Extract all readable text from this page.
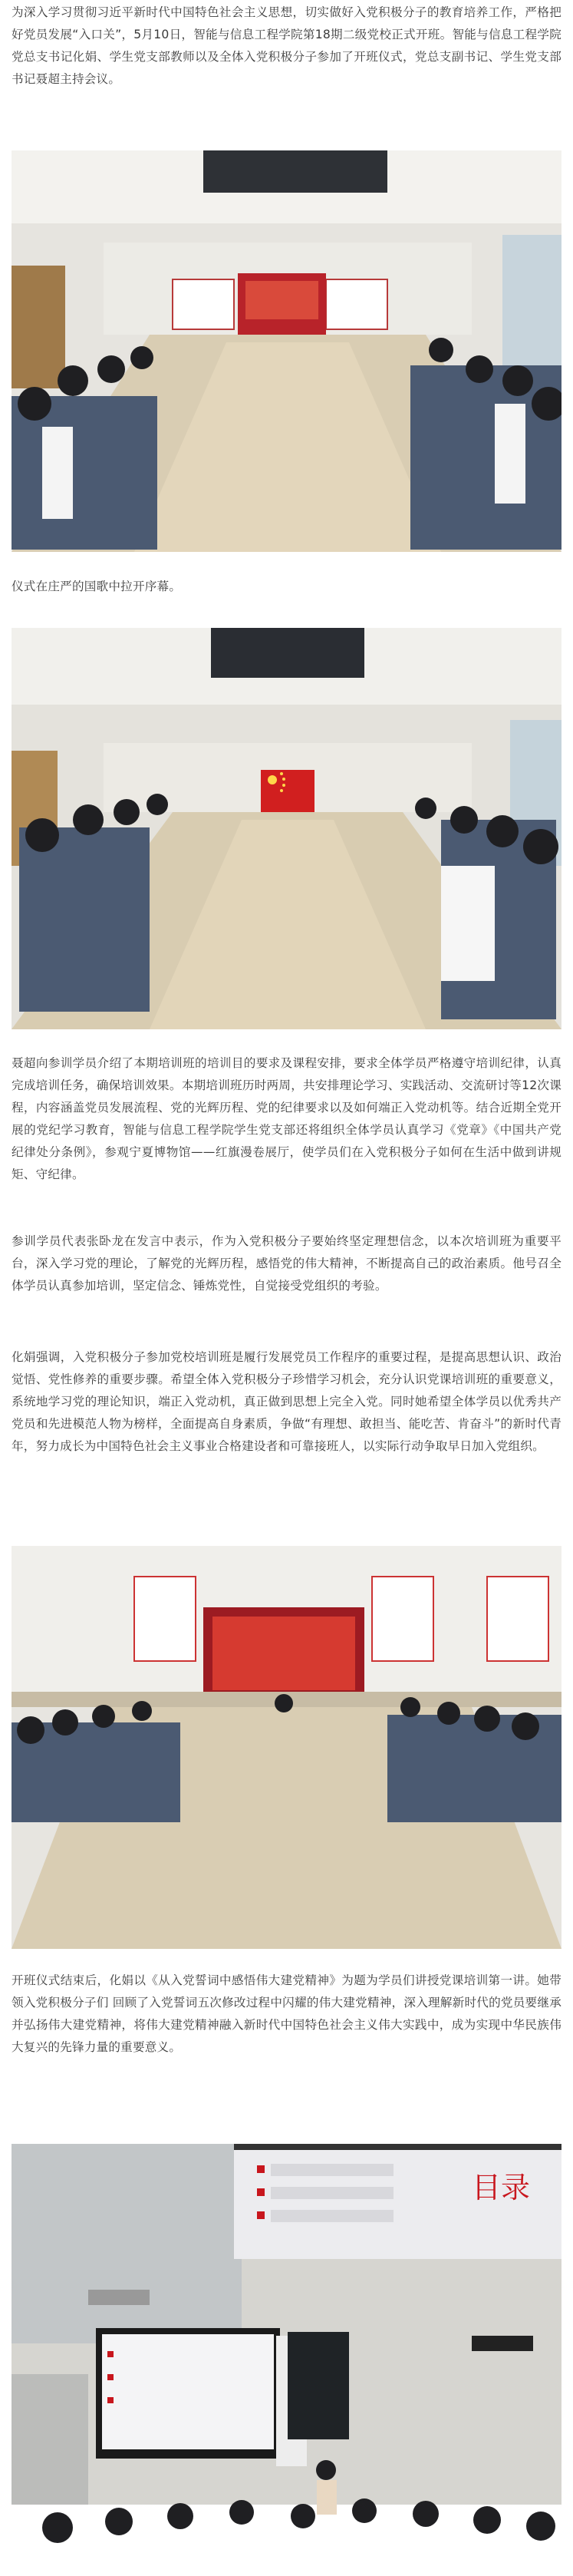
为深入学习贯彻习近平新时代中国特色社会主义思想，切实做好入党积极分子的教育培养工作，严格把好党员发展“入口关”，5月10日，智能与信息工程学院第18期二级党校正式开班。智能与信息工程学院党总支书记化娟、学生党支部教师以及全体入党积极分子参加了开班仪式，党总支副书记、学生党支部书记聂超主持会议。

仪式在庄严的国歌中拉开序幕。

聂超向参训学员介绍了本期培训班的培训目的要求及课程安排，要求全体学员严格遵守培训纪律，认真完成培训任务，确保培训效果。本期培训班历时两周，共安排理论学习、实践活动、交流研讨等12次课程，内容涵盖党员发展流程、党的光辉历程、党的纪律要求以及如何端正入党动机等。结合近期全党开展的党纪学习教育，智能与信息工程学院学生党支部还将组织全体学员认真学习《党章》《中国共产党纪律处分条例》，参观宁夏博物馆——红旗漫卷展厅，使学员们在入党积极分子如何在生活中做到讲规矩、守纪律。

参训学员代表张卧龙在发言中表示，作为入党积极分子要始终坚定理想信念，以本次培训班为重要平台，深入学习党的理论，了解党的光辉历程，感悟党的伟大精神，不断提高自己的政治素质。他号召全体学员认真参加培训，坚定信念、锤炼党性，自觉接受党组织的考验。

化娟强调，入党积极分子参加党校培训班是履行发展党员工作程序的重要过程，是提高思想认识、政治觉悟、党性修养的重要步骤。希望全体入党积极分子珍惜学习机会，充分认识党课培训班的重要意义，系统地学习党的理论知识，端正入党动机，真正做到思想上完全入党。同时她希望全体学员以优秀共产党员和先进模范人物为榜样，全面提高自身素质，争做“有理想、敢担当、能吃苦、肯奋斗”的新时代青年，努力成长为中国特色社会主义事业合格建设者和可靠接班人，以实际行动争取早日加入党组织。

开班仪式结束后，化娟以《从入党誓词中感悟伟大建党精神》为题为学员们讲授党课培训第一讲。她带领入党积极分子们 回顾了入党誓词五次修改过程中闪耀的伟大建党精神，深入理解新时代的党员要继承并弘扬伟大建党精神，将伟大建党精神融入新时代中国特色社会主义伟大实践中，成为实现中华民族伟大复兴的先锋力量的重要意义。

目录
